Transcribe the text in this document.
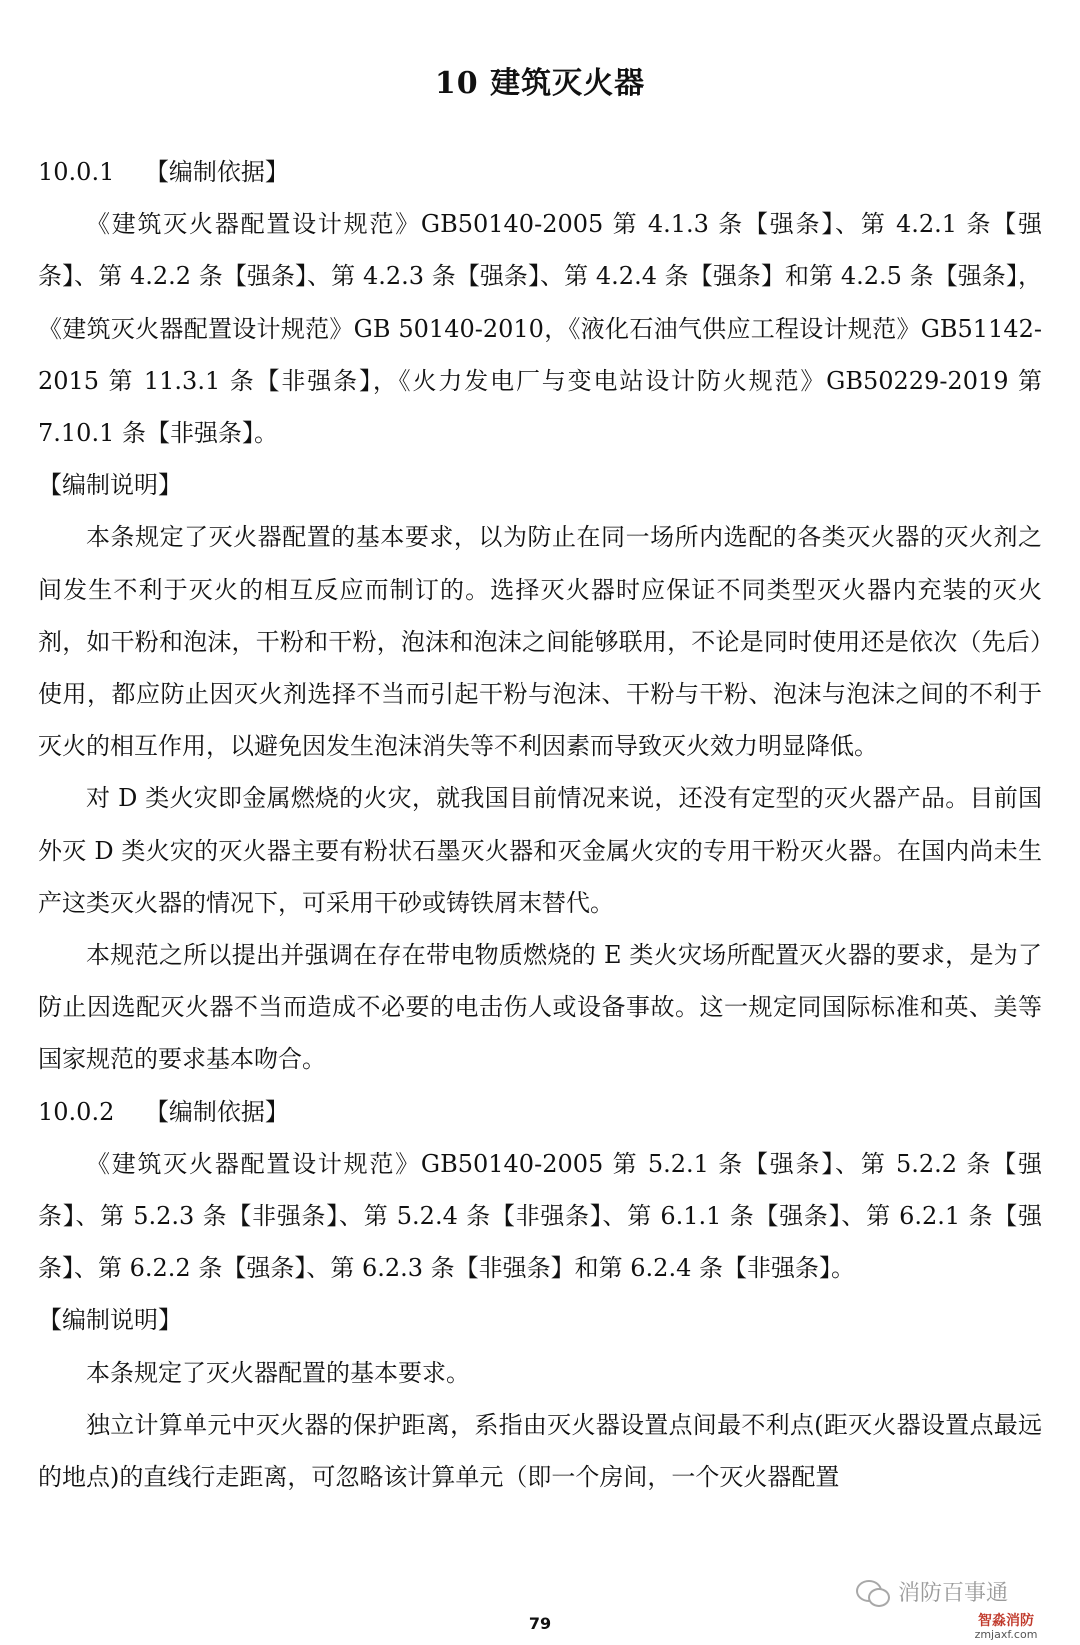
10 建筑灭火器

10.0.1    【编制依据】

《建筑灭火器配置设计规范》GB50140-2005 第 4.1.3 条【强条】、第 4.2.1 条【强条】、第 4.2.2 条【强条】、第 4.2.3 条【强条】、第 4.2.4 条【强条】和第 4.2.5 条【强条】，《建筑灭火器配置设计规范》GB 50140-2010，《液化石油气供应工程设计规范》GB51142-2015 第 11.3.1 条【非强条】，《火力发电厂与变电站设计防火规范》GB50229-2019 第 7.10.1 条【非强条】。

【编制说明】

本条规定了灭火器配置的基本要求，以为防止在同一场所内选配的各类灭火器的灭火剂之间发生不利于灭火的相互反应而制订的。选择灭火器时应保证不同类型灭火器内充装的灭火剂，如干粉和泡沫，干粉和干粉，泡沫和泡沫之间能够联用，不论是同时使用还是依次（先后）使用，都应防止因灭火剂选择不当而引起干粉与泡沫、干粉与干粉、泡沫与泡沫之间的不利于灭火的相互作用，以避免因发生泡沫消失等不利因素而导致灭火效力明显降低。

对 D 类火灾即金属燃烧的火灾，就我国目前情况来说，还没有定型的灭火器产品。目前国外灭 D 类火灾的灭火器主要有粉状石墨灭火器和灭金属火灾的专用干粉灭火器。在国内尚未生产这类灭火器的情况下，可采用干砂或铸铁屑末替代。

本规范之所以提出并强调在存在带电物质燃烧的 E 类火灾场所配置灭火器的要求，是为了防止因选配灭火器不当而造成不必要的电击伤人或设备事故。这一规定同国际标准和英、美等国家规范的要求基本吻合。

10.0.2    【编制依据】

《建筑灭火器配置设计规范》GB50140-2005 第 5.2.1 条【强条】、第 5.2.2 条【强条】、第 5.2.3 条【非强条】、第 5.2.4 条【非强条】、第 6.1.1 条【强条】、第 6.2.1 条【强条】、第 6.2.2 条【强条】、第 6.2.3 条【非强条】和第 6.2.4 条【非强条】。

【编制说明】

本条规定了灭火器配置的基本要求。

独立计算单元中灭火器的保护距离，系指由灭火器设置点间最不利点(距灭火器设置点最远的地点)的直线行走距离，可忽略该计算单元（即一个房间，一个灭火器配置

消防百事通
79	智淼消防
zmjaxf.com
